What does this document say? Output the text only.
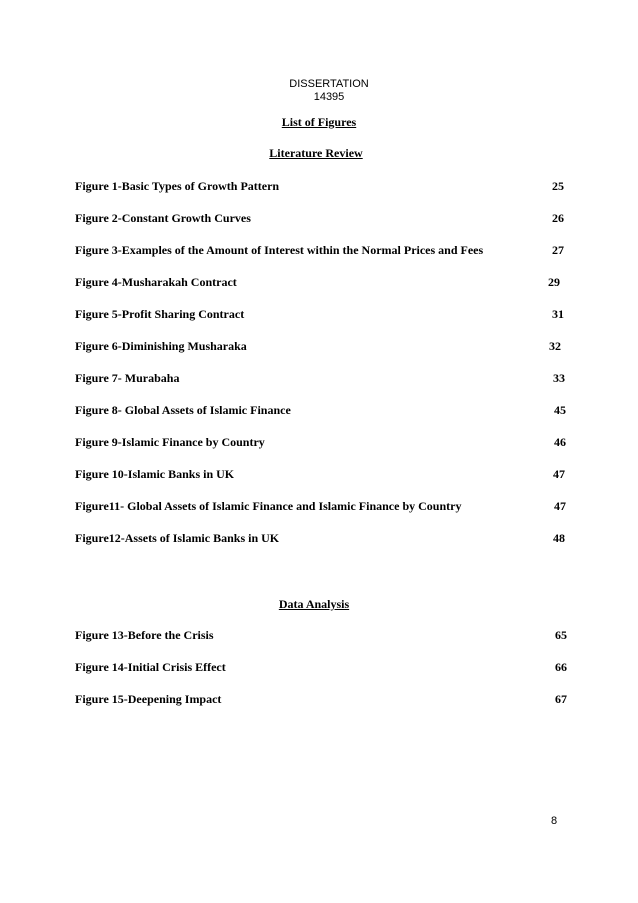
DISSERTATION
14395
List of Figures
Literature Review
Figure 1-Basic Types of Growth Pattern	25
Figure 2-Constant Growth Curves	26
Figure 3-Examples of the Amount of Interest within the Normal Prices and Fees	27
Figure 4-Musharakah Contract	29
Figure 5-Profit Sharing Contract	31
Figure 6-Diminishing Musharaka	32
Figure 7- Murabaha	33
Figure 8- Global Assets of Islamic Finance	45
Figure 9-Islamic Finance by Country	46
Figure 10-Islamic Banks in UK	47
Figure11- Global Assets of Islamic Finance and Islamic Finance by Country	47
Figure12-Assets of Islamic Banks in UK	48
Data Analysis
Figure 13-Before the Crisis	65
Figure 14-Initial Crisis Effect	66
Figure 15-Deepening Impact	67
8
